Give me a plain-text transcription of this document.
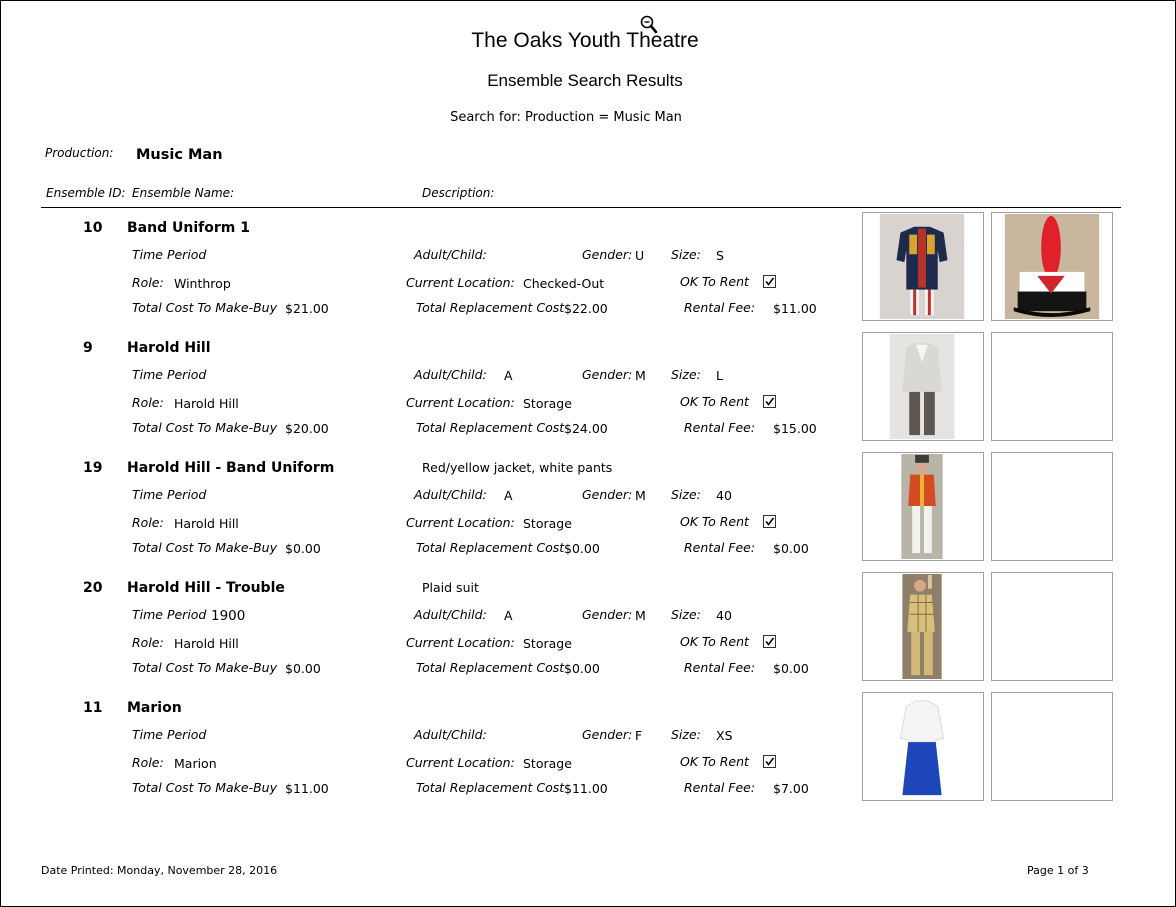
The Oaks Youth Theatre
Ensemble Search Results
Search for: Production = Music Man
Production: Music Man
Ensemble ID: Ensemble Name:	Description:
10 Band Uniform 1
Time Period	Adult/Child:	Gender: U Size: S
Role: Winthrop	Current Location: Checked-Out	OK To Rent
Total Cost To Make-Buy $21.00	Total Replacement Cost $22.00	Rental Fee: $11.00
9 Harold Hill
Time Period	Adult/Child: A	Gender: M Size: L
Role: Harold Hill	Current Location: Storage	OK To Rent
Total Cost To Make-Buy $20.00	Total Replacement Cost $24.00	Rental Fee: $15.00
19 Harold Hill - Band Uniform	Red/yellow jacket, white pants
Time Period	Adult/Child: A	Gender: M Size: 40
Role: Harold Hill	Current Location: Storage	OK To Rent
Total Cost To Make-Buy $0.00	Total Replacement Cost $0.00	Rental Fee: $0.00
20 Harold Hill - Trouble	Plaid suit
Time Period 1900	Adult/Child: A	Gender: M Size: 40
Role: Harold Hill	Current Location: Storage	OK To Rent
Total Cost To Make-Buy $0.00	Total Replacement Cost $0.00	Rental Fee: $0.00
11 Marion
Time Period	Adult/Child:	Gender: F Size: XS
Role: Marion	Current Location: Storage	OK To Rent
Total Cost To Make-Buy $11.00	Total Replacement Cost $11.00	Rental Fee: $7.00
Date Printed: Monday, November 28, 2016	Page 1 of 3
